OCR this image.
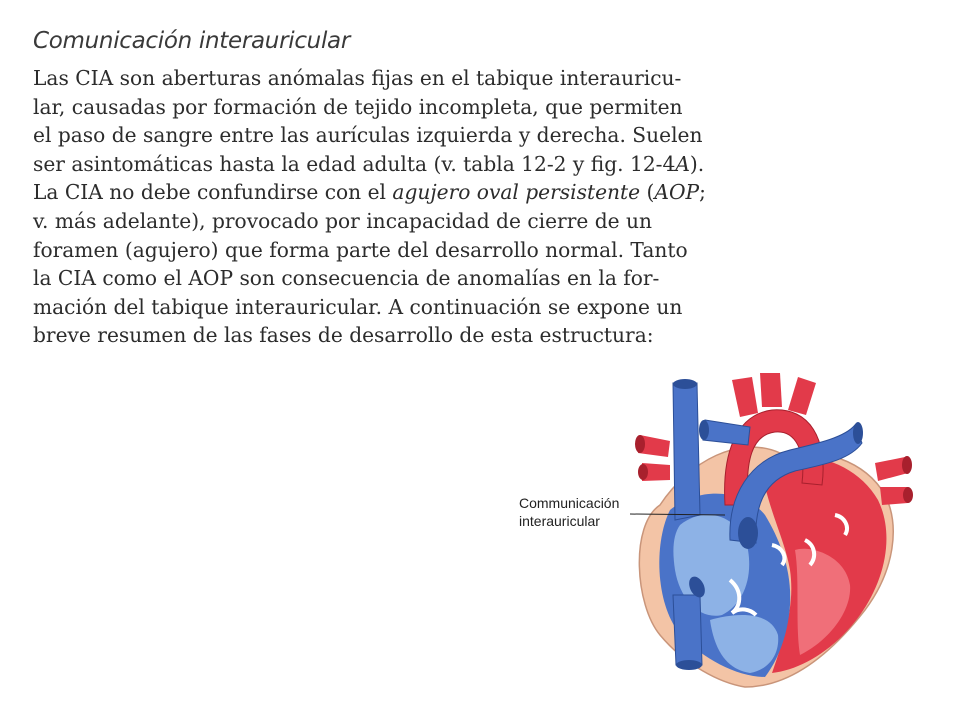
Comunicación interauricular
Las CIA son aberturas anómalas fijas en el tabique interauricu-
lar, causadas por formación de tejido incompleta, que permiten
el paso de sangre entre las aurículas izquierda y derecha. Suelen
ser asintomáticas hasta la edad adulta (v. tabla 12-2 y fig. 12-4A).
La CIA no debe confundirse con el agujero oval persistente (AOP;
v. más adelante), provocado por incapacidad de cierre de un
foramen (agujero) que forma parte del desarrollo normal. Tanto
la CIA como el AOP son consecuencia de anomalías en la for-
mación del tabique interauricular. A continuación se expone un
breve resumen de las fases de desarrollo de esta estructura:
Communicación
interauricular
